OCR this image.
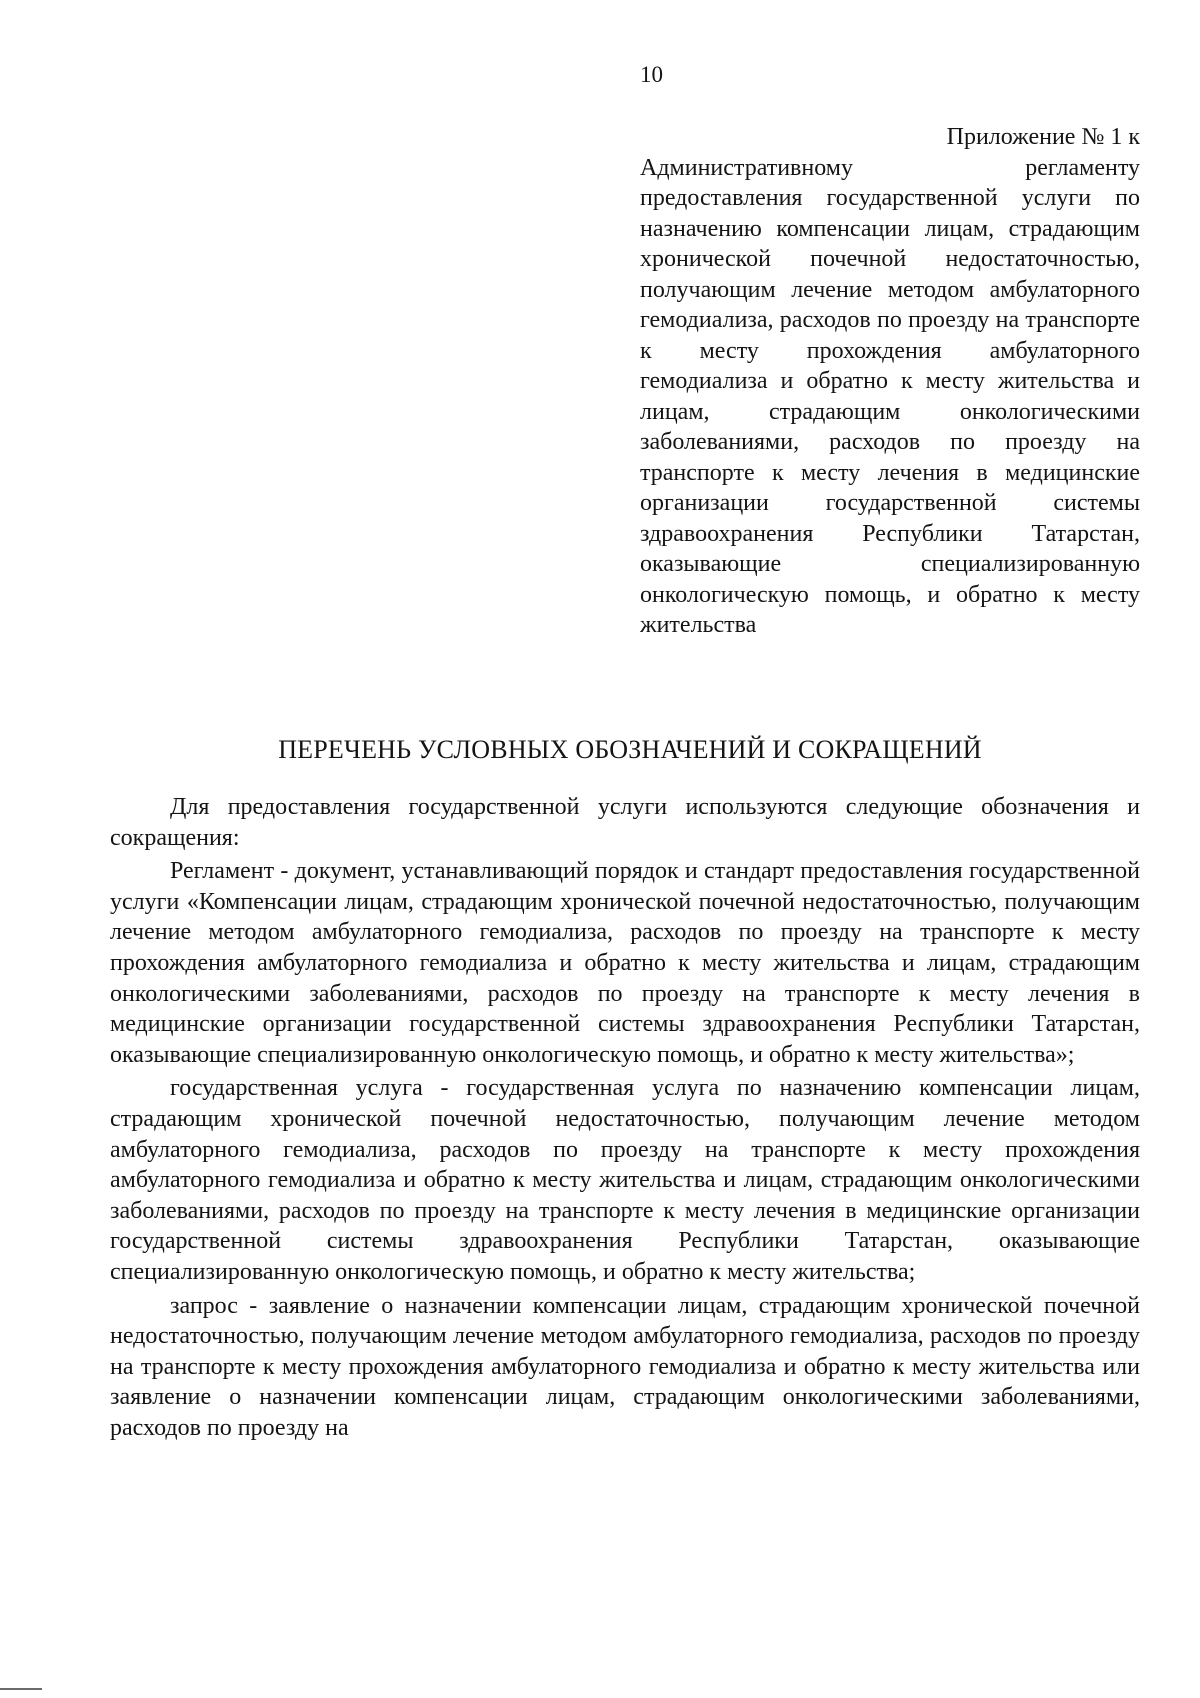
10

Приложение № 1 к

Административному регламенту предоставления государственной услуги по назначению компенсации лицам, страдающим хронической почечной недостаточностью, получающим лечение методом амбулаторного гемодиализа, расходов по проезду на транспорте к месту прохождения амбулаторного гемодиализа и обратно к месту жительства и лицам, страдающим онкологическими заболеваниями, расходов по проезду на транспорте к месту лечения в медицинские организации государственной системы здравоохранения Республики Татарстан, оказывающие специализированную онкологическую помощь, и обратно к месту жительства

ПЕРЕЧЕНЬ УСЛОВНЫХ ОБОЗНАЧЕНИЙ И СОКРАЩЕНИЙ

Для предоставления государственной услуги используются следующие обозначения и сокращения:

Регламент - документ, устанавливающий порядок и стандарт предоставления государственной услуги «Компенсации лицам, страдающим хронической почечной недостаточностью, получающим лечение методом амбулаторного гемодиализа, расходов по проезду на транспорте к месту прохождения амбулаторного гемодиализа и обратно к месту жительства и лицам, страдающим онкологическими заболеваниями, расходов по проезду на транспорте к месту лечения в медицинские организации государственной системы здравоохранения Республики Татарстан, оказывающие специализированную онкологическую помощь, и обратно к месту жительства»;

государственная услуга - государственная услуга по назначению компенсации лицам, страдающим хронической почечной недостаточностью, получающим лечение методом амбулаторного гемодиализа, расходов по проезду на транспорте к месту прохождения амбулаторного гемодиализа и обратно к месту жительства и лицам, страдающим онкологическими заболеваниями, расходов по проезду на транспорте к месту лечения в медицинские организации государственной системы здравоохранения Республики Татарстан, оказывающие специализированную онкологическую помощь, и обратно к месту жительства;

запрос - заявление о назначении компенсации лицам, страдающим хронической почечной недостаточностью, получающим лечение методом амбулаторного гемодиализа, расходов по проезду на транспорте к месту прохождения амбулаторного гемодиализа и обратно к месту жительства или заявление о назначении компенсации лицам, страдающим онкологическими заболеваниями, расходов по проезду на
